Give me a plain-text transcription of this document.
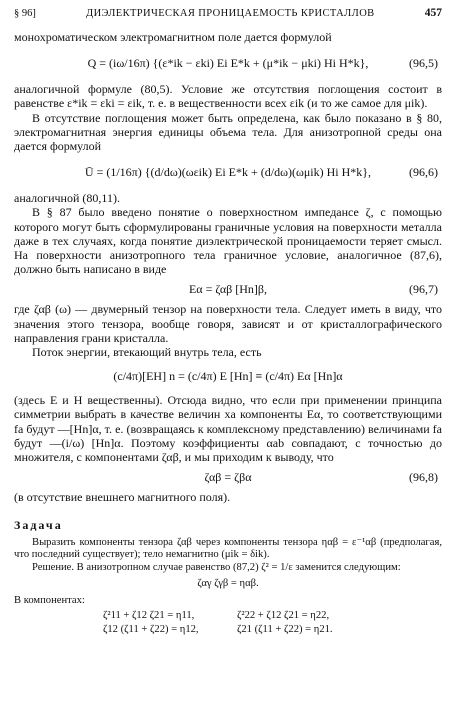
§ 96]	ДИЭЛЕКТРИЧЕСКАЯ ПРОНИЦАЕМОСТЬ КРИСТАЛЛОВ	457

монохроматическом электромагнитном поле дается формулой

Q = (iω/16π) {(ε*ik − εki) Ei E*k + (μ*ik − μki) Hi H*k},	(96,5)

аналогичной формуле (80,5). Условие же отсутствия поглощения состоит в равенстве ε*ik = εki = εik, т. е. в вещественности всех εik (и то же самое для μik).

В отсутствие поглощения может быть определена, как было показано в § 80, электромагнитная энергия единицы объема тела. Для анизотропной среды она дается формулой

Ū = (1/16π) {(d/dω)(ωεik) Ei E*k + (d/dω)(ωμik) Hi H*k},	(96,6)

аналогичной (80,11).

В § 87 было введено понятие о поверхностном импедансе ζ, с помощью которого могут быть сформулированы граничные условия на поверхности металла даже в тех случаях, когда понятие диэлектрической проницаемости теряет смысл. На поверхности анизотропного тела граничное условие, аналогичное (87,6), должно быть написано в виде

Eα = ζαβ [Hn]β,	(96,7)

где ζαβ (ω) — двумерный тензор на поверхности тела. Следует иметь в виду, что значения этого тензора, вообще говоря, зависят и от кристаллографического направления грани кристалла.

Поток энергии, втекающий внутрь тела, есть

(c/4π)[EH] n = (c/4π) E [Hn] ≡ (c/4π) Eα [Hn]α

(здесь E и H вещественны). Отсюда видно, что если при применении принципа симметрии выбрать в качестве величин xa компоненты Eα, то соответствующими fa будут —[Hn]α, т. е. (возвращаясь к комплексному представлению) величинами fa будут —(i/ω) [Hn]α. Поэтому коэффициенты αab совпадают, с точностью до множителя, с компонентами ζαβ, и мы приходим к выводу, что

ζαβ = ζβα	(96,8)

(в отсутствие внешнего магнитного поля).

Задача

Выразить компоненты тензора ζαβ через компоненты тензора ηαβ = ε⁻¹αβ (предполагая, что последний существует); тело немагнитно (μik = δik).

Решение. В анизотропном случае равенство (87,2) ζ² = 1/ε заменится следующим:

ζαγ ζγβ = ηαβ.
В компонентах:
ζ²11 + ζ12 ζ21 = η11,	ζ²22 + ζ12 ζ21 = η22,
ζ12 (ζ11 + ζ22) = η12,	ζ21 (ζ11 + ζ22) = η21.
